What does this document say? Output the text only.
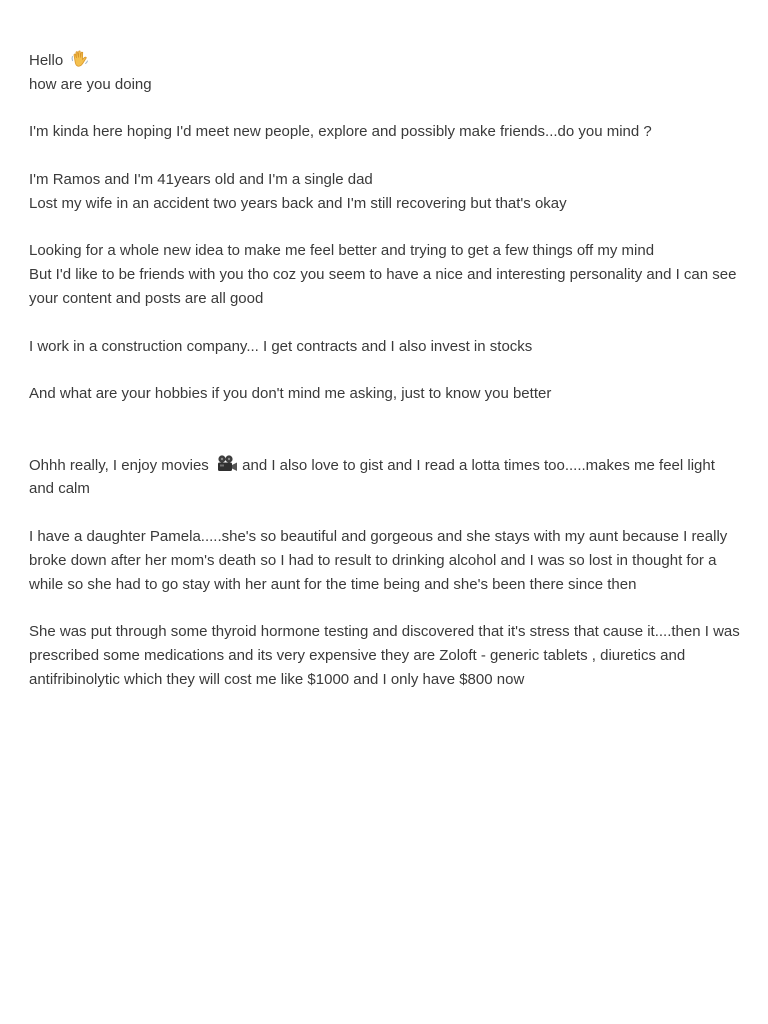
Hello
how are you doing

I'm kinda here hoping I'd meet new people, explore and possibly make friends...do you mind ?

I'm Ramos and I'm 41years old and I'm a single dad
Lost my wife in an accident two years back and I'm still recovering but that's okay

Looking for a whole new idea to make me feel better and trying to get a few things off my mind
But I'd like to be friends with you tho coz you seem to have a nice and interesting personality and I can see your content and posts are all good

I work in a construction company... I get contracts and I also invest in stocks

And what are your hobbies if you don't mind me asking, just to know you better

Ohhh really, I enjoy movies
and I also love to gist and I read a lotta times too.....makes me feel light and calm

I have a daughter Pamela.....she's so beautiful and gorgeous and she stays with my aunt because I really broke down after her mom's death so I had to result to drinking alcohol and I was so lost in thought for a while so she had to go stay with her aunt for the time being and she's been there since then

She was put through some thyroid hormone testing and discovered that it's stress that cause it....then I was prescribed some medications and its very expensive they are Zoloft - generic tablets , diuretics and antifribinolytic which they will cost me like $1000 and I only have $800 now
